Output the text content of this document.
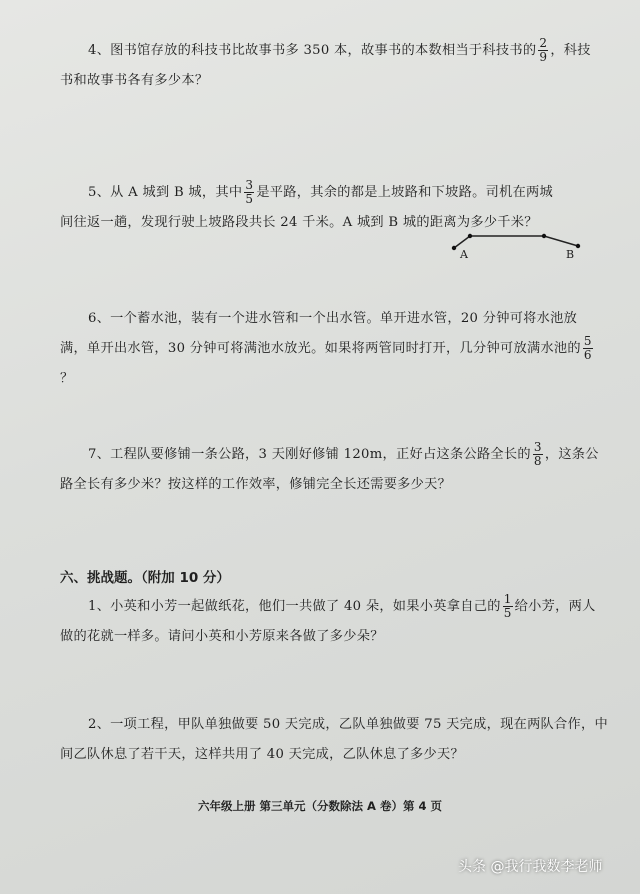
4、图书馆存放的科技书比故事书多 350 本，故事书的本数相当于科技书的 $\frac{2}{9}$ ，科技书和故事书各有多少本？
5、从 A 城到 B 城，其中 $\frac{3}{5}$ 是平路，其余的都是上坡路和下坡路。司机在两城间往返一趟，发现行驶上坡路段共长 24 千米。A 城到 B 城的距离为多少千米？
A	B
6、一个蓄水池，装有一个进水管和一个出水管。单开进水管，20 分钟可将水池放满，单开出水管，30 分钟可将满池水放光。如果将两管同时打开，几分钟可放满水池的 $\frac{5}{6}$
？
7、工程队要修铺一条公路，3 天刚好修铺 120m，正好占这条公路全长的 $\frac{3}{8}$ ，这条公路全长有多少米？按这样的工作效率，修铺完全长还需要多少天？
六、挑战题。（附加 10 分）
1、小英和小芳一起做纸花，他们一共做了 40 朵，如果小英拿自己的 $\frac{1}{5}$ 给小芳，两人做的花就一样多。请问小英和小芳原来各做了多少朵？
2、一项工程，甲队单独做要 50 天完成，乙队单独做要 75 天完成，现在两队合作，中间乙队休息了若干天，这样共用了 40 天完成，乙队休息了多少天？
六年级上册 第三单元（分数除法 A 卷）第 4 页
头条 @我行我数李老师
